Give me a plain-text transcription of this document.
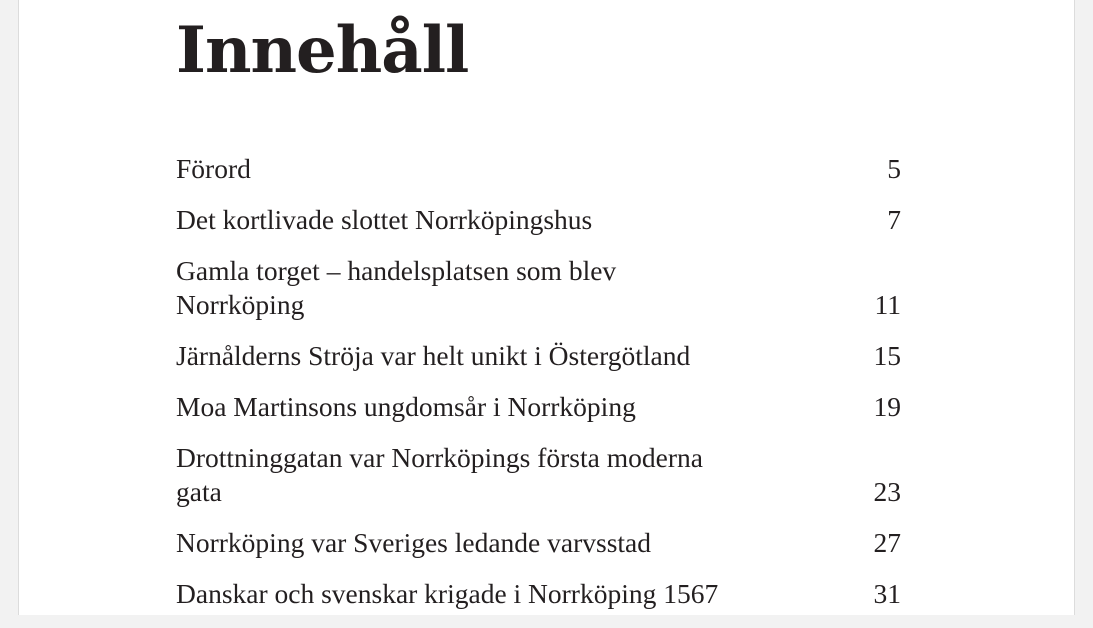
Innehåll
Förord	5
Det kortlivade slottet Norrköpingshus	7
Gamla torget – handelsplatsen som blev Norrköping	11
Järnålderns Ströja var helt unikt i Östergötland	15
Moa Martinsons ungdomsår i Norrköping	19
Drottninggatan var Norrköpings första moderna gata	23
Norrköping var Sveriges ledande varvsstad	27
Danskar och svenskar krigade i Norrköping 1567	31
